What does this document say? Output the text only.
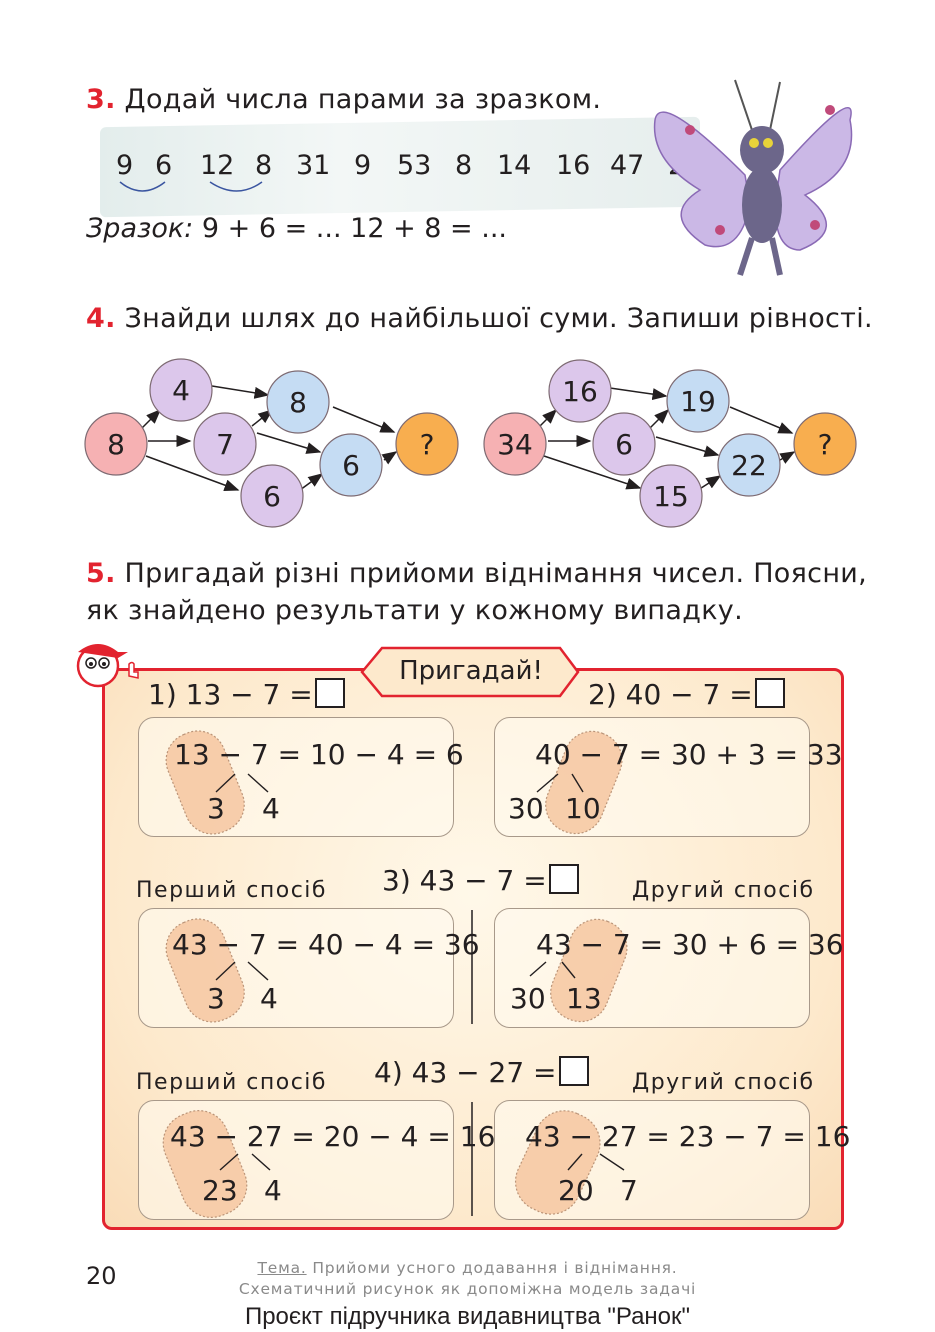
3. Додай числа парами за зразком.
9 6 12 8 31 9 53 8 14 16 47
Зразок: 9 + 6 = ... 12 + 8 = ...
4. Знайди шлях до найбільшої суми. Запиши рівності.
8
4
7
6
8
6
? 34
16
6
15
19
22
?
5. Пригадай різні прийоми віднімання чисел. Поясни,
як знайдено результати у кожному випадку.
Пригадай!
1) 13 − 7 =
13 − 7 = 10 − 4 = 6
3 4
2) 40 − 7 =
40 − 7 = 30 + 3 = 33
30 10
Перший спосіб 3) 43 − 7 =	Другий спосіб
43 − 7 = 40 − 4 = 36
3 4
43 − 7 = 30 + 6 = 36
30 13
Перший спосіб 4) 43 − 27 =	Другий спосіб
43 − 27 = 20 − 4 = 16
23 4
43 − 27 = 23 − 7 = 16
20 7
20	Тема. Прийоми усного додавання і віднімання.
Схематичний рисунок як допоміжна модель задачі
Проєкт підручника видавництва "Ранок"
